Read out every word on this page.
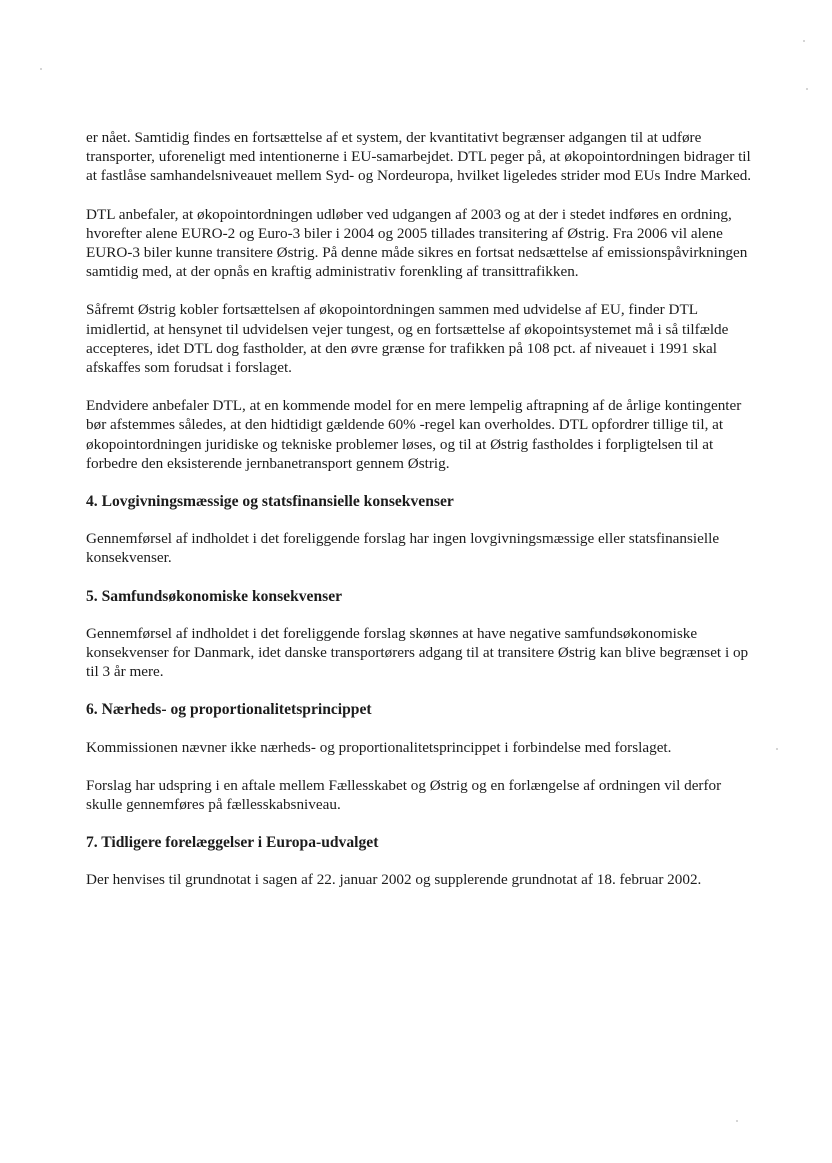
er nået. Samtidig findes en fortsættelse af et system, der kvantitativt begrænser adgangen til at udføre transporter, uforeneligt med intentionerne i EU-samarbejdet. DTL peger på, at økopointordningen bidrager til at fastlåse samhandelsniveauet mellem Syd- og Nordeuropa, hvilket ligeledes strider mod EUs Indre Marked.

DTL anbefaler, at økopointordningen udløber ved udgangen af 2003 og at der i stedet indføres en ordning, hvorefter alene EURO-2 og Euro-3 biler i 2004 og 2005 tillades transitering af Østrig. Fra 2006 vil alene EURO-3 biler kunne transitere Østrig. På denne måde sikres en fortsat nedsættelse af emissionspåvirkningen samtidig med, at der opnås en kraftig administrativ forenkling af transittrafikken.

Såfremt Østrig kobler fortsættelsen af økopointordningen sammen med udvidelse af EU, finder DTL imidlertid, at hensynet til udvidelsen vejer tungest, og en fortsættelse af økopointsystemet må i så tilfælde accepteres, idet DTL dog fastholder, at den øvre grænse for trafikken på 108 pct. af niveauet i 1991 skal afskaffes som forudsat i forslaget.

Endvidere anbefaler DTL, at en kommende model for en mere lempelig aftrapning af de årlige kontingenter bør afstemmes således, at den hidtidigt gældende 60% -regel kan overholdes. DTL opfordrer tillige til, at økopointordningen juridiske og tekniske problemer løses, og til at Østrig fastholdes i forpligtelsen til at forbedre den eksisterende jernbanetransport gennem Østrig.

4. Lovgivningsmæssige og statsfinansielle konsekvenser

Gennemførsel af indholdet i det foreliggende forslag har ingen lovgivningsmæssige eller statsfinansielle konsekvenser.

5. Samfundsøkonomiske konsekvenser

Gennemførsel af indholdet i det foreliggende forslag skønnes at have negative samfundsøkonomiske konsekvenser for Danmark, idet danske transportørers adgang til at transitere Østrig kan blive begrænset i op til 3 år mere.

6. Nærheds- og proportionalitetsprincippet

Kommissionen nævner ikke nærheds- og proportionalitetsprincippet i forbindelse med forslaget.

Forslag har udspring i en aftale mellem Fællesskabet og Østrig og en forlængelse af ordningen vil derfor skulle gennemføres på fællesskabsniveau.

7. Tidligere forelæggelser i Europa-udvalget

Der henvises til grundnotat i sagen af 22. januar 2002 og supplerende grundnotat af 18. februar 2002.
